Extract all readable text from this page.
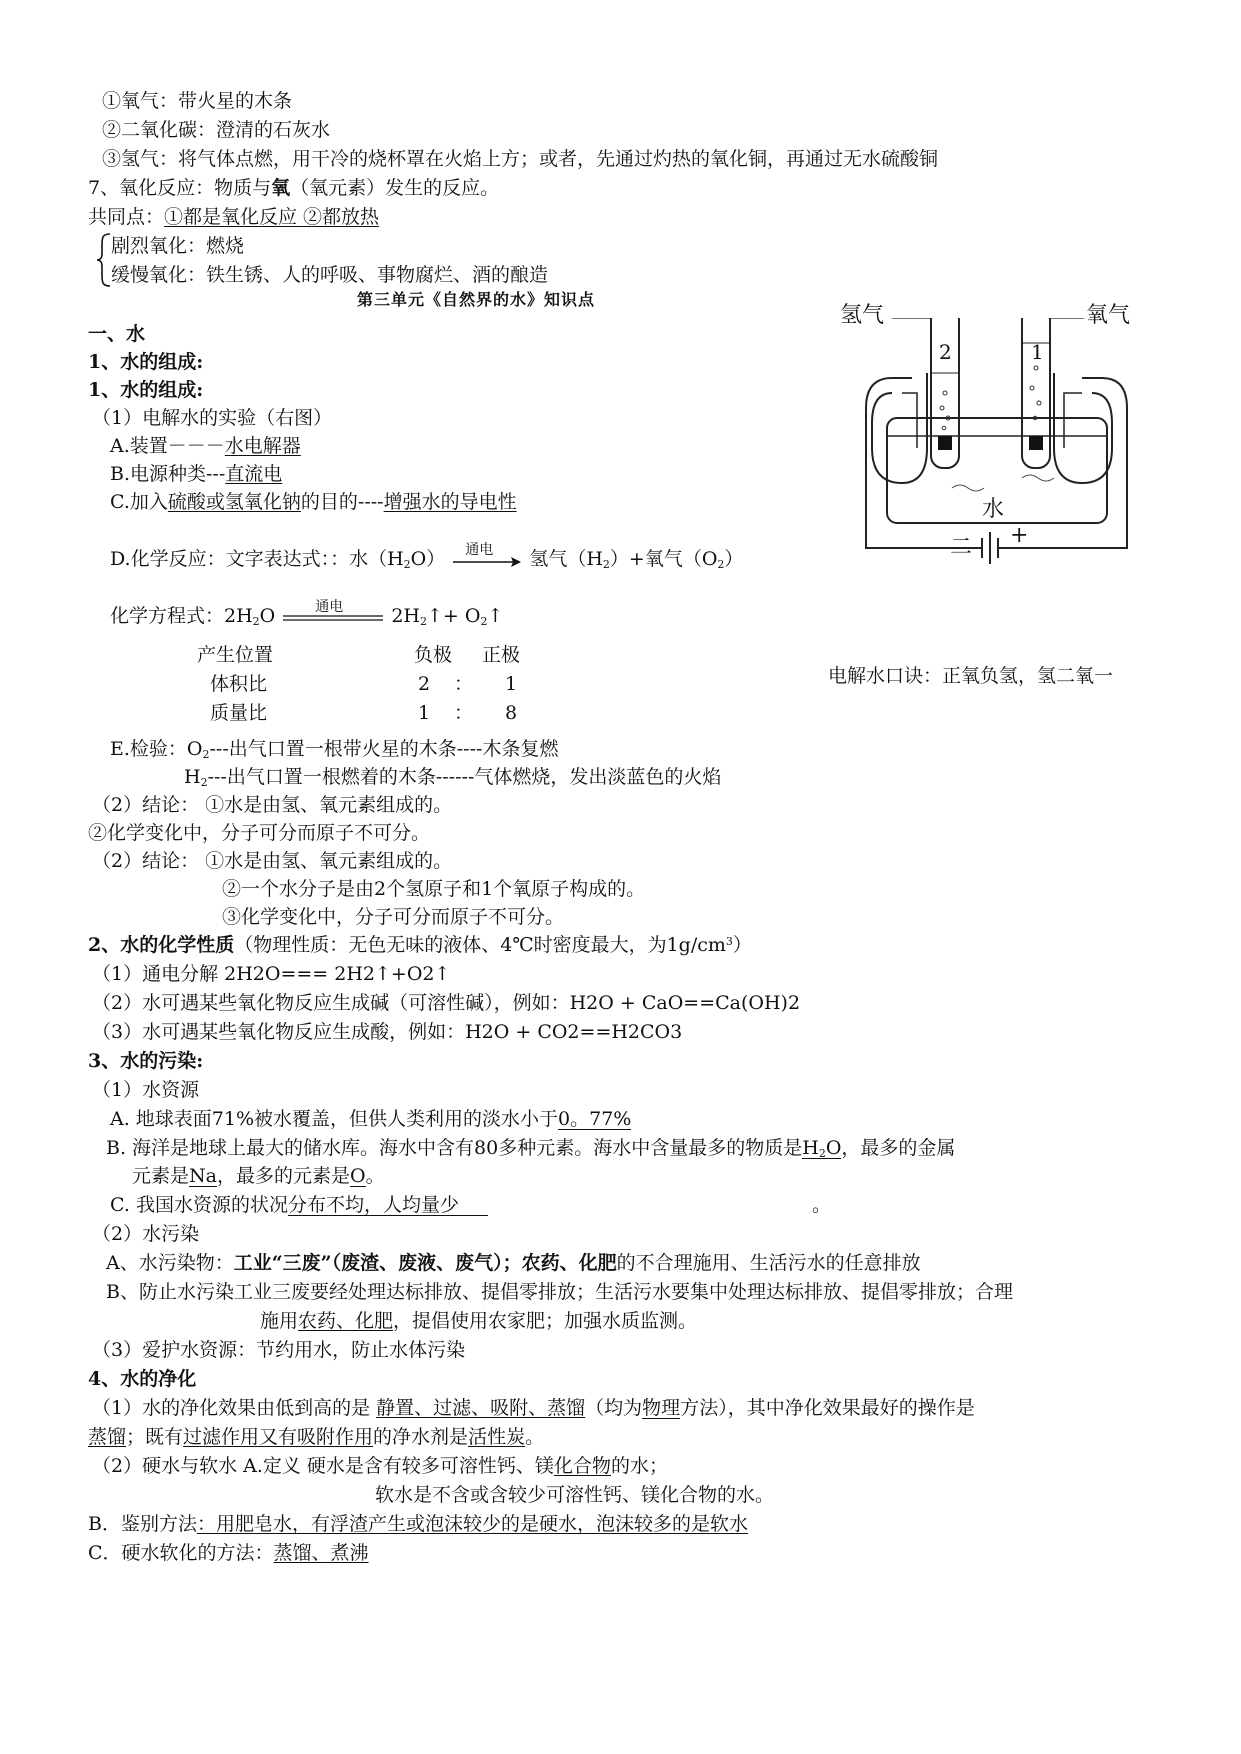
①氧气：带火星的木条
②二氧化碳：澄清的石灰水
③氢气：将气体点燃，用干冷的烧杯罩在火焰上方；或者，先通过灼热的氧化铜，再通过无水硫酸铜
7、氧化反应：物质与氧（氧元素）发生的反应。
共同点：①都是氧化反应 ②都放热
剧烈氧化：燃烧
缓慢氧化：铁生锈、人的呼吸、事物腐烂、酒的酿造
第三单元《自然界的水》知识点
一、水
1、水的组成:
1、水的组成:
（1）电解水的实验（右图）
A.装置－－－水电解器
B.电源种类---直流电
C.加入硫酸或氢氧化钠的目的----增强水的导电性
D.化学反应：文字表达式：：水$(H_2O)$ 通电 氢气$(H_2)+$氧气$(O_2)$
化学方程式：$2H_2O$	通电	$2H_2↑+$ $O_2↑$
产生位置	负极 正极
体积比	2 ： 1
质量比	1 ： 8
E.检验：$O_2---$出气口置一根带火星的木条----木条复燃
$H_2---$出气口置一根燃着的木条------气体燃烧，发出淡蓝色的火焰
（2）结论： ①水是由氢、氧元素组成的。
②化学变化中，分子可分而原子不可分。
（2）结论： ①水是由氢、氧元素组成的。
②一个水分子是由2个氢原子和1个氧原子构成的。
③化学变化中，分子可分而原子不可分。
氢气	氧气
2	1
水
二 +
电解水口诀：正氧负氢，氢二氧一
2、水的化学性质（物理性质：无色无味的液体、4℃时密度最大，为$1g/cm^3$）
（1）通电分解 2H2O=== 2H2↑+O2↑
（2）水可遇某些氧化物反应生成碱（可溶性碱），例如：H2O + CaO==Ca(OH)2
（3）水可遇某些氧化物反应生成酸，例如：H2O + CO2==H2CO3
3、水的污染:
（1）水资源
A. 地球表面71%被水覆盖，但供人类利用的淡水小于0。77%
B. 海洋是地球上最大的储水库。海水中含有80多种元素。海水中含量最多的物质是$H_2O$，最多的金属
元素是Na，最多的元素是O。
C. 我国水资源的状况分布不均，人均量少	。
（2）水污染
A、水污染物：工业“三废”（废渣、废液、废气）；农药、化肥的不合理施用、生活污水的任意排放
B、防止水污染工业三废要经处理达标排放、提倡零排放；生活污水要集中处理达标排放、提倡零排放；合理
施用农药、化肥，提倡使用农家肥；加强水质监测。
（3）爱护水资源：节约用水，防止水体污染
4、水的净化
（1）水的净化效果由低到高的是 静置、过滤、吸附、蒸馏（均为物理方法），其中净化效果最好的操作是
蒸馏；既有过滤作用又有吸附作用的净水剂是活性炭。
（2）硬水与软水 A.定义 硬水是含有较多可溶性钙、镁化合物的水；
软水是不含或含较少可溶性钙、镁化合物的水。
B．鉴别方法：用肥皂水，有浮渣产生或泡沫较少的是硬水，泡沫较多的是软水
C．硬水软化的方法：蒸馏、煮沸
